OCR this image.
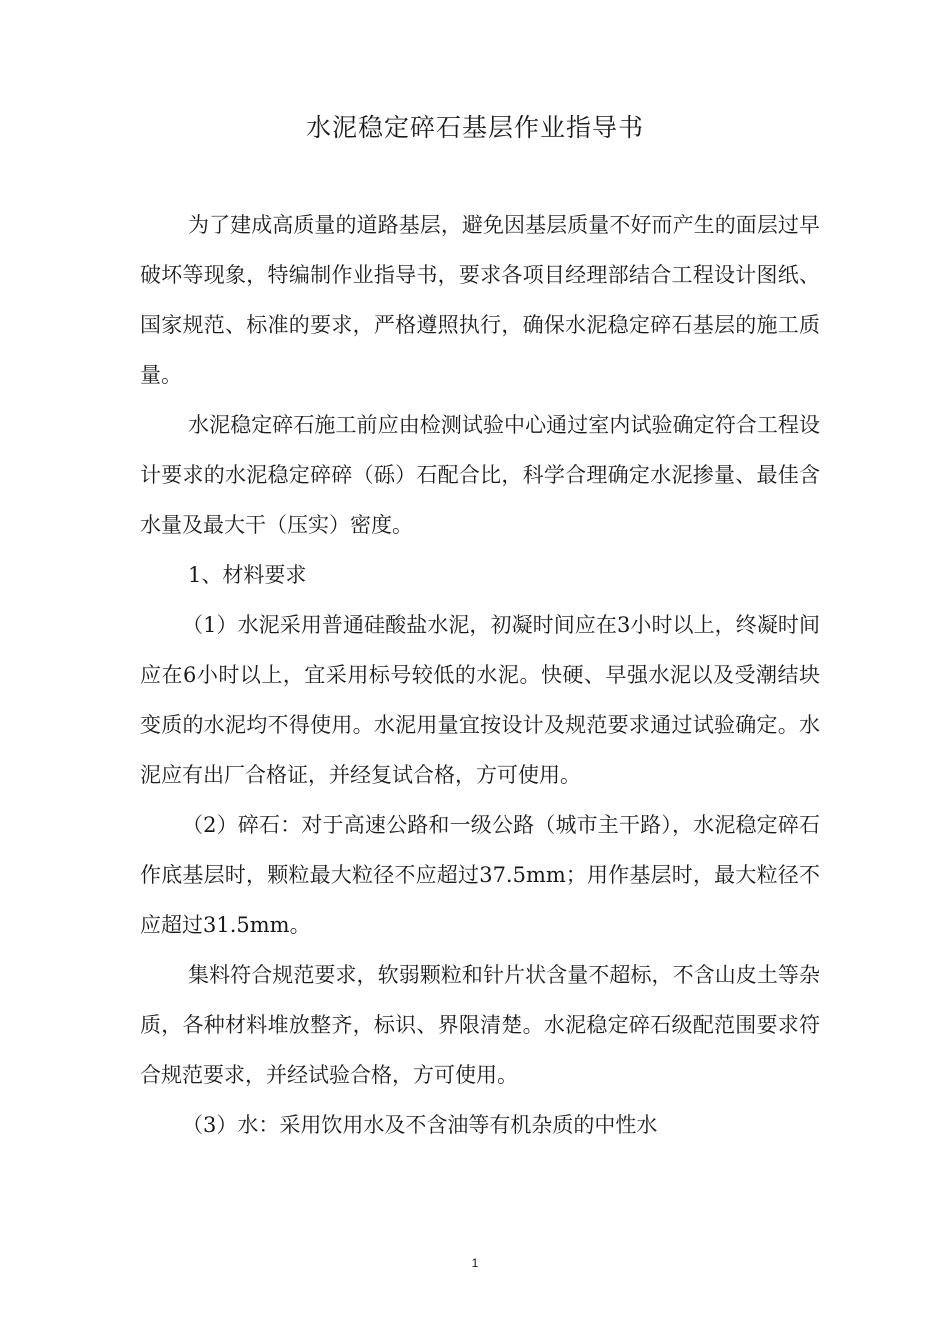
水泥稳定碎石基层作业指导书

为了建成高质量的道路基层，避免因基层质量不好而产生的面层过早破坏等现象，特编制作业指导书，要求各项目经理部结合工程设计图纸、国家规范、标准的要求，严格遵照执行，确保水泥稳定碎石基层的施工质量。

水泥稳定碎石施工前应由检测试验中心通过室内试验确定符合工程设计要求的水泥稳定碎碎（砾）石配合比，科学合理确定水泥掺量、最佳含水量及最大干（压实）密度。

1、材料要求

（1）水泥采用普通硅酸盐水泥，初凝时间应在3小时以上，终凝时间应在6小时以上，宜采用标号较低的水泥。快硬、早强水泥以及受潮结块变质的水泥均不得使用。水泥用量宜按设计及规范要求通过试验确定。水泥应有出厂合格证，并经复试合格，方可使用。

（2）碎石：对于高速公路和一级公路（城市主干路），水泥稳定碎石作底基层时，颗粒最大粒径不应超过37.5mm；用作基层时，最大粒径不应超过31.5mm。

集料符合规范要求，软弱颗粒和针片状含量不超标，不含山皮土等杂质，各种材料堆放整齐，标识、界限清楚。水泥稳定碎石级配范围要求符合规范要求，并经试验合格，方可使用。

（3）水：采用饮用水及不含油等有机杂质的中性水

1
